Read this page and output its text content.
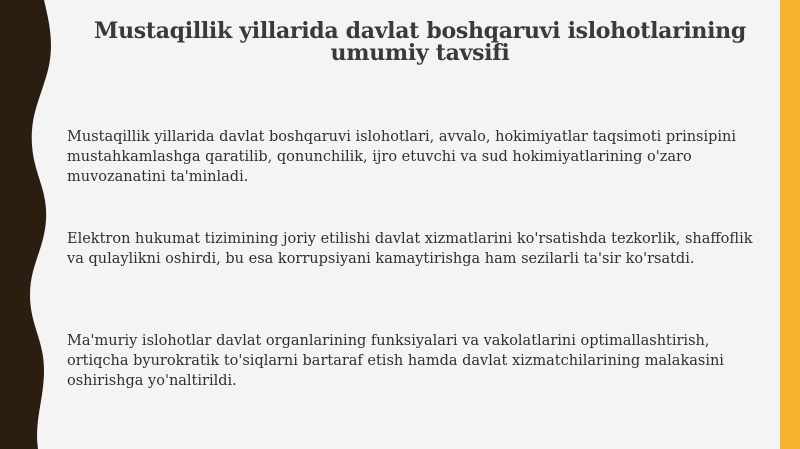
Mustaqillik yillarida davlat boshqaruvi islohotlarining umumiy tavsifi

Mustaqillik yillarida davlat boshqaruvi islohotlari, avvalo, hokimiyatlar taqsimoti prinsipini mustahkamlashga qaratilib, qonunchilik, ijro etuvchi va sud hokimiyatlarining o'zaro muvozanatini ta'minladi.

Elektron hukumat tizimining joriy etilishi davlat xizmatlarini ko'rsatishda tezkorlik, shaffoflik va qulaylikni oshirdi, bu esa korrupsiyani kamaytirishga ham sezilarli ta'sir ko'rsatdi.

Ma'muriy islohotlar davlat organlarining funksiyalari va vakolatlarini optimallashtirish, ortiqcha byurokratik to'siqlarni bartaraf etish hamda davlat xizmatchilarining malakasini oshirishga yo'naltirildi.
